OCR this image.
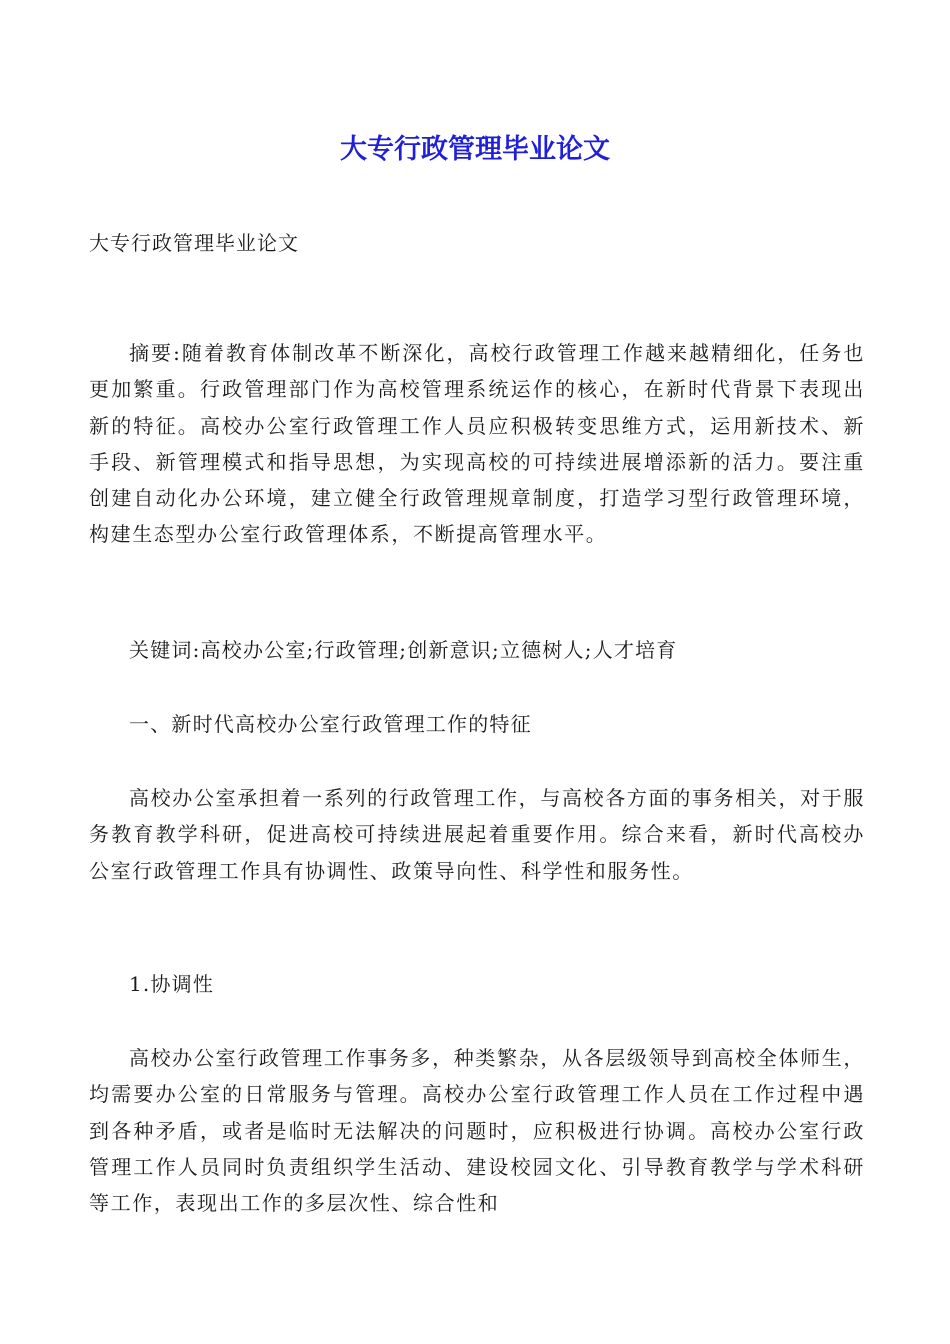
大专行政管理毕业论文

大专行政管理毕业论文

摘要:随着教育体制改革不断深化，高校行政管理工作越来越精细化，任务也更加繁重。行政管理部门作为高校管理系统运作的核心，在新时代背景下表现出新的特征。高校办公室行政管理工作人员应积极转变思维方式，运用新技术、新手段、新管理模式和指导思想，为实现高校的可持续进展增添新的活力。要注重创建自动化办公环境，建立健全行政管理规章制度，打造学习型行政管理环境，构建生态型办公室行政管理体系，不断提高管理水平。

关键词:高校办公室;行政管理;创新意识;立德树人;人才培育

一、新时代高校办公室行政管理工作的特征

高校办公室承担着一系列的行政管理工作，与高校各方面的事务相关，对于服务教育教学科研，促进高校可持续进展起着重要作用。综合来看，新时代高校办公室行政管理工作具有协调性、政策导向性、科学性和服务性。

1.协调性

高校办公室行政管理工作事务多，种类繁杂，从各层级领导到高校全体师生，均需要办公室的日常服务与管理。高校办公室行政管理工作人员在工作过程中遇到各种矛盾，或者是临时无法解决的问题时，应积极进行协调。高校办公室行政管理工作人员同时负责组织学生活动、建设校园文化、引导教育教学与学术科研等工作，表现出工作的多层次性、综合性和
